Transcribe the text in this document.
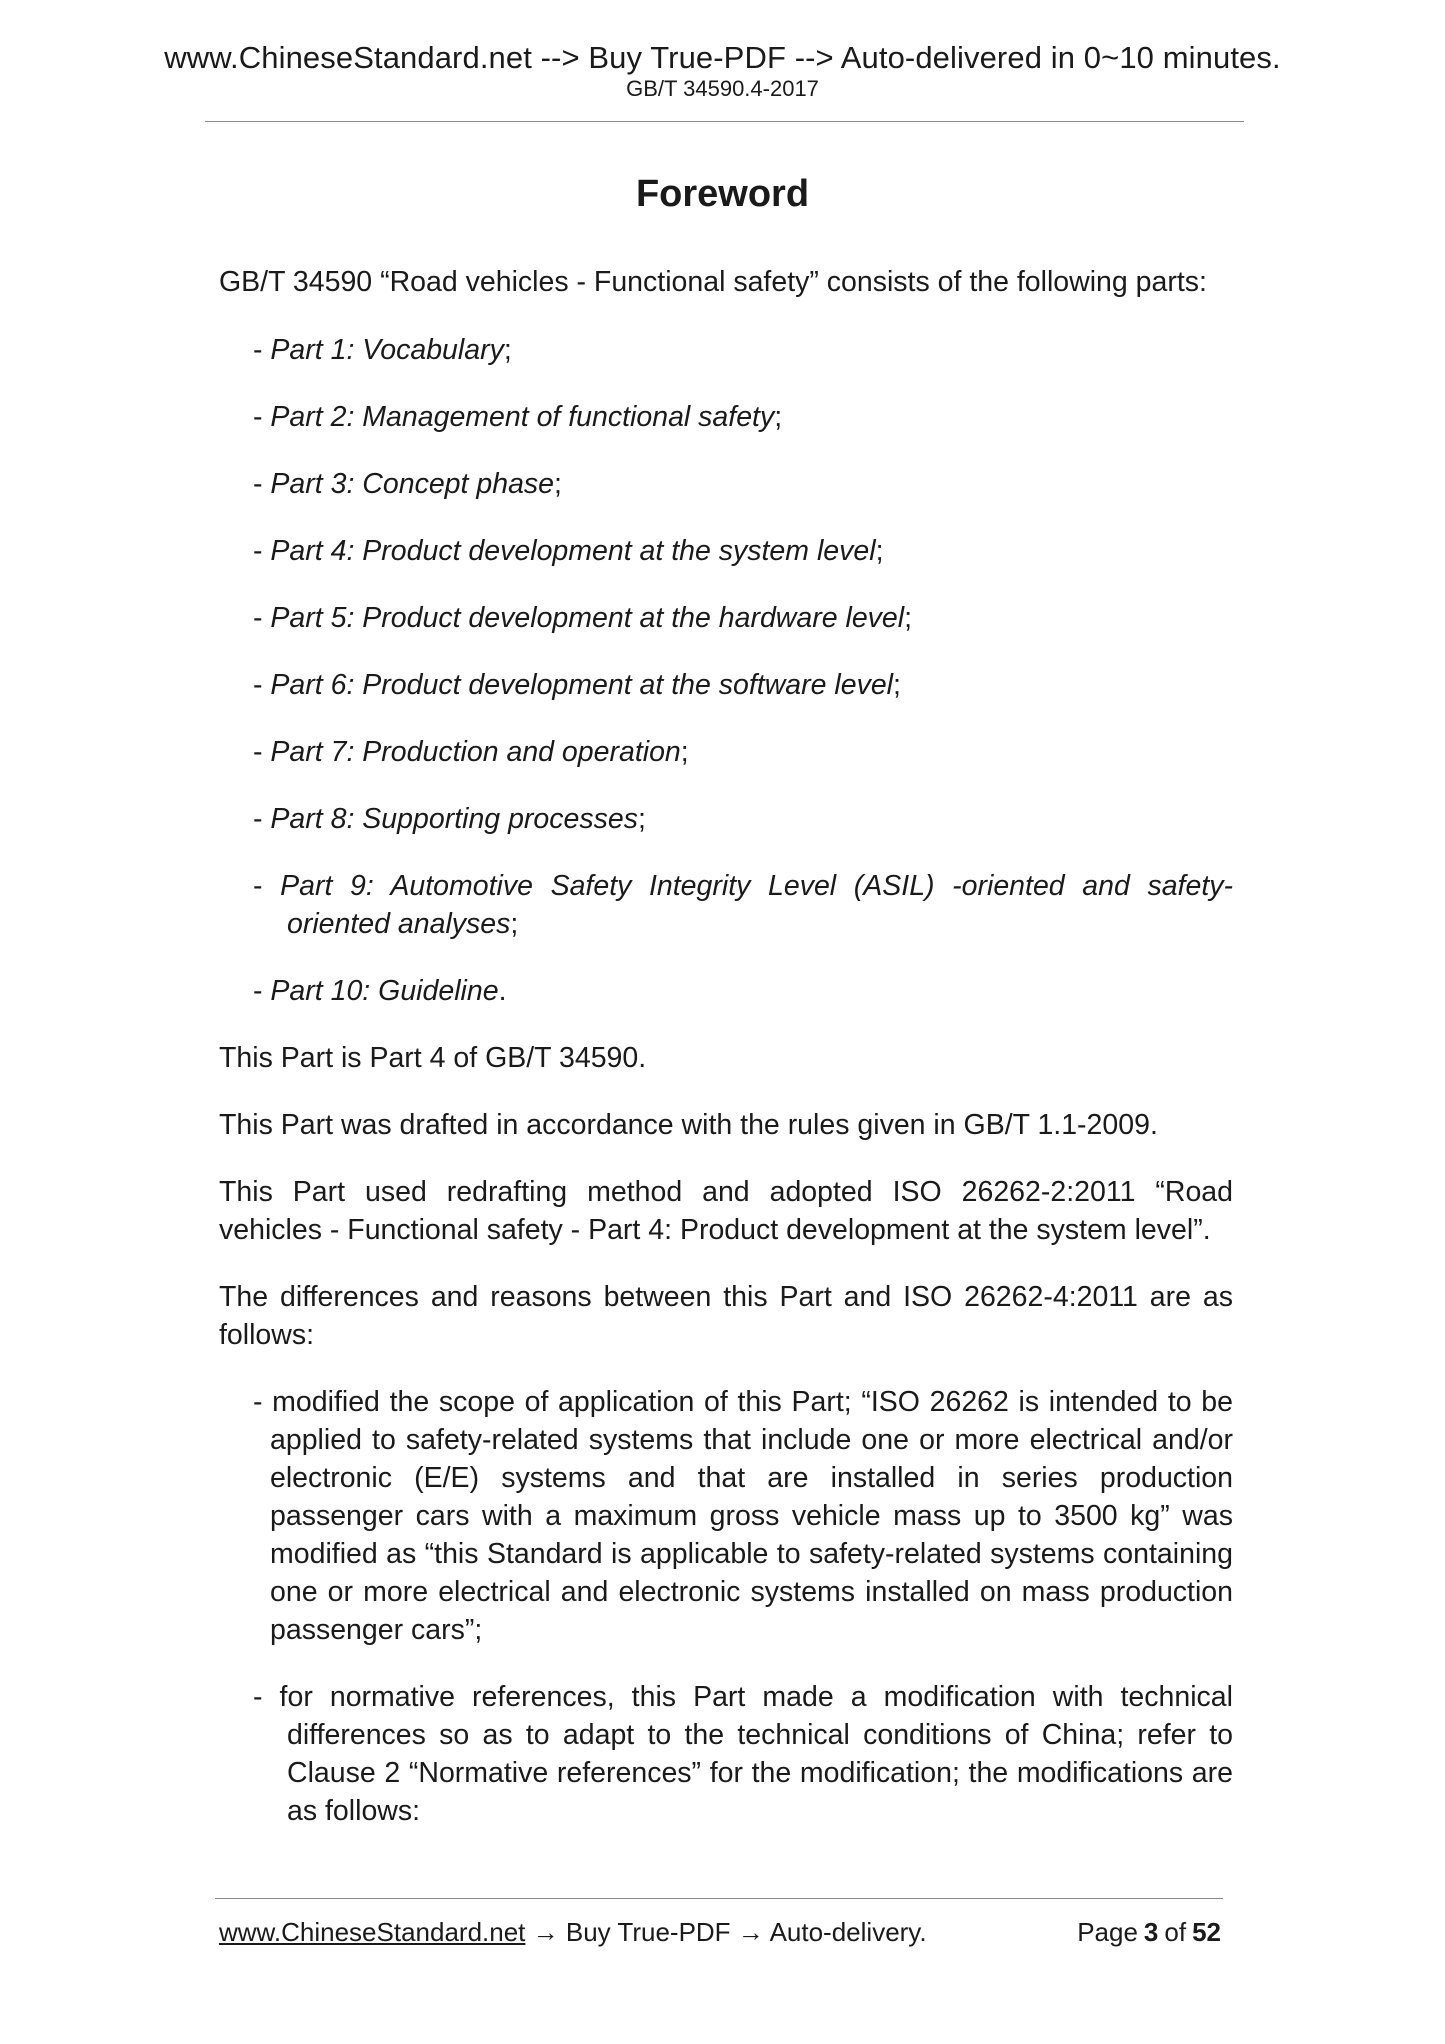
www.ChineseStandard.net --> Buy True-PDF --> Auto-delivered in 0~10 minutes.
GB/T 34590.4-2017
Foreword
GB/T 34590 “Road vehicles - Functional safety” consists of the following parts:
- Part 1: Vocabulary;
- Part 2: Management of functional safety;
- Part 3: Concept phase;
- Part 4: Product development at the system level;
- Part 5: Product development at the hardware level;
- Part 6: Product development at the software level;
- Part 7: Production and operation;
- Part 8: Supporting processes;
- Part 9: Automotive Safety Integrity Level (ASIL) -oriented and safety-oriented analyses;
- Part 10: Guideline.

This Part is Part 4 of GB/T 34590.

This Part was drafted in accordance with the rules given in GB/T 1.1-2009.

This Part used redrafting method and adopted ISO 26262-2:2011 “Road vehicles - Functional safety - Part 4: Product development at the system level”.

The differences and reasons between this Part and ISO 26262-4:2011 are as follows:

- modified the scope of application of this Part; “ISO 26262 is intended to be applied to safety-related systems that include one or more electrical and/or electronic (E/E) systems and that are installed in series production passenger cars with a maximum gross vehicle mass up to 3500 kg” was modified as “this Standard is applicable to safety-related systems containing one or more electrical and electronic systems installed on mass production passenger cars”;
- for normative references, this Part made a modification with technical differences so as to adapt to the technical conditions of China; refer to Clause 2 “Normative references” for the modification; the modifications are as follows:
www.ChineseStandard.net → Buy True-PDF → Auto-delivery.	Page 3 of 52
